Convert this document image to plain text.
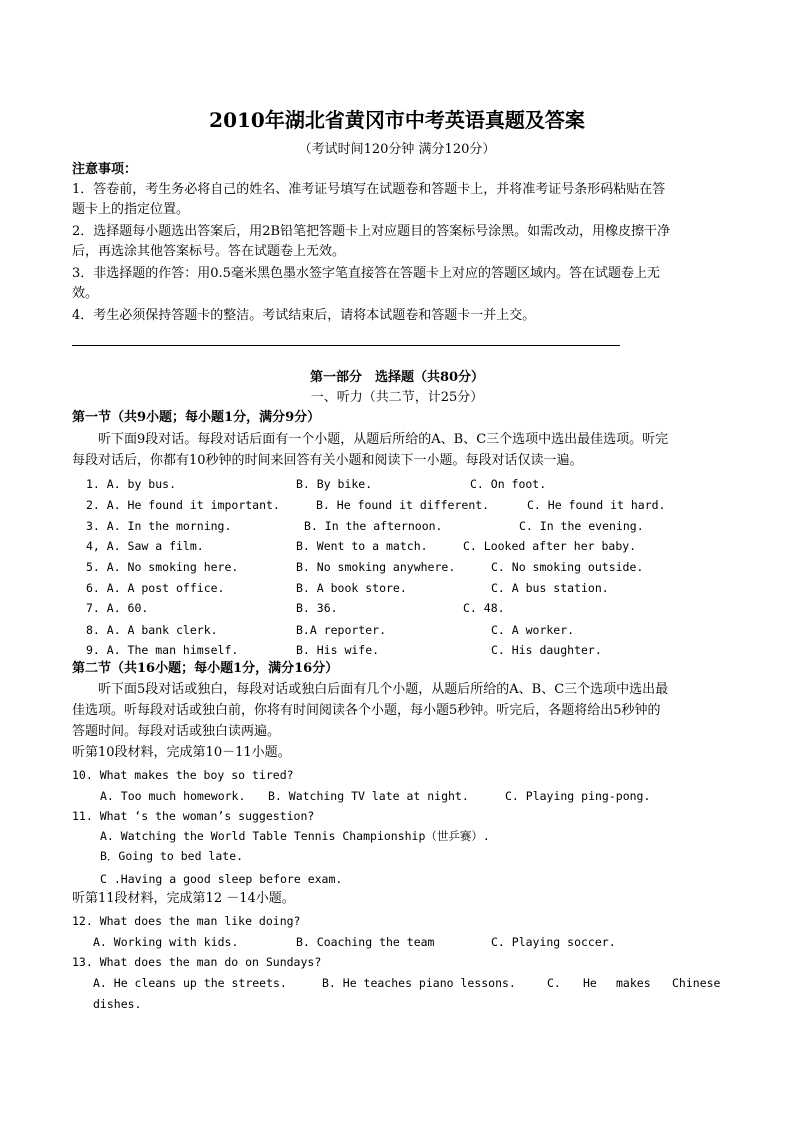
2010年湖北省黄冈市中考英语真题及答案
（考试时间120分钟 满分120分）
注意事项：
1．答卷前，考生务必将自己的姓名、准考证号填写在试题卷和答题卡上，并将准考证号条形码粘贴在答
题卡上的指定位置。
2．选择题每小题选出答案后，用2B铅笔把答题卡上对应题目的答案标号涂黑。如需改动，用橡皮擦干净
后，再选涂其他答案标号。答在试题卷上无效。
3．非选择题的作答：用0.5毫米黑色墨水签字笔直接答在答题卡上对应的答题区域内。答在试题卷上无
效。
4．考生必须保持答题卡的整洁。考试结束后，请将本试题卷和答题卡一并上交。
第一部分　选择题（共80分）
一、听力（共二节，计25分）
第一节（共9小题；每小题1分，满分9分）
听下面9段对话。每段对话后面有一个小题，从题后所给的A、B、C三个选项中选出最佳选项。听完
每段对话后，你都有10秒钟的时间来回答有关小题和阅读下一小题。每段对话仅读一遍。
1. A. by bus.	B. By bike.	C. On foot.
2. A. He found it important.	B. He found it different.	C. He found it hard.
3. A. In the morning.	B. In the afternoon.	C. In the evening.
4, A. Saw a film.	B. Went to a match.	C. Looked after her baby.
5. A. No smoking here.	B. No smoking anywhere.	C. No smoking outside.
6. A. A post office.	B. A book store.	C. A bus station.
7. A. 60.	B. 36.	C. 48.
8. A. A bank clerk.	B.A reporter.	C. A worker.
9. A. The man himself.	B. His wife.	C. His daughter.
第二节（共16小题；每小题1分，满分16分）
听下面5段对话或独白，每段对话或独白后面有几个小题，从题后所给的A、B、C三个选项中选出最
佳选项。听每段对话或独白前，你将有时间阅读各个小题，每小题5秒钟。听完后，各题将给出5秒钟的
答题时间。每段对话或独白读两遍。
听第10段材料，完成第10－11小题。
10. What makes the boy so tired?
A. Too much homework. B. Watching TV late at night.	C. Playing ping-pong.
11. What ‘s the woman’s suggestion?
A. Watching the World Table Tennis Championship（世乒赛）.
B．Going to bed late.
C .Having a good sleep before exam.
听第11段材料，完成第12 －14小题。
12. What does the man like doing?
A. Working with kids.	B. Coaching the team	C. Playing soccer.
13. What does the man do on Sundays?
A. He cleans up the streets.	B. He teaches piano lessons.	C. He makes Chinese
dishes.
